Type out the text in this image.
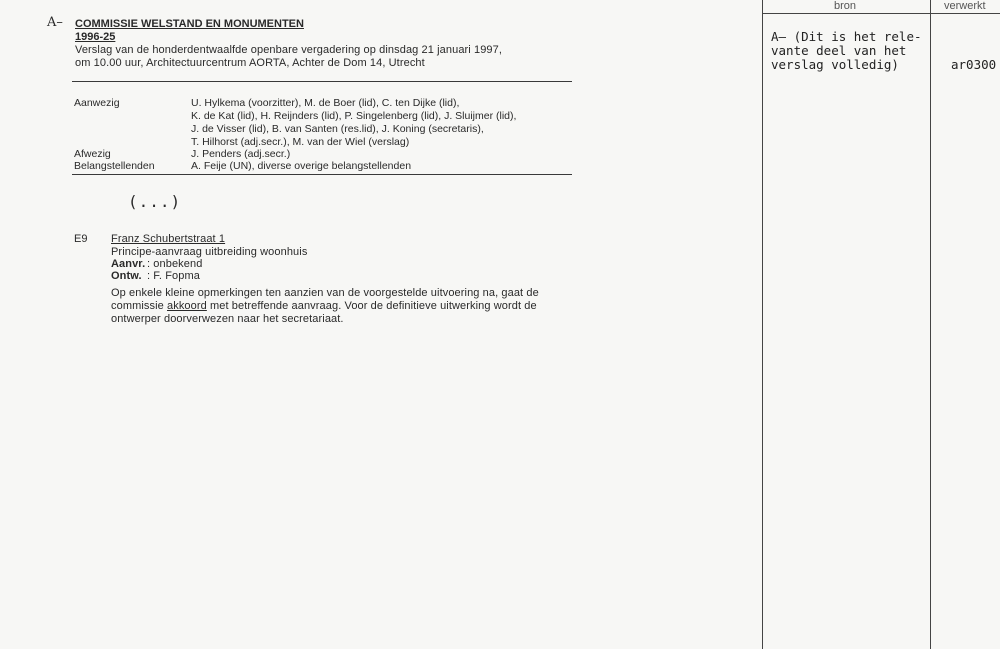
A– COMMISSIE WELSTAND EN MONUMENTEN
1996-25
Verslag van de honderdentwaalfde openbare vergadering op dinsdag 21 januari 1997,
om 10.00 uur, Architectuurcentrum AORTA, Achter de Dom 14, Utrecht
Aanwezig	U. Hylkema (voorzitter), M. de Boer (lid), C. ten Dijke (lid),
K. de Kat (lid), H. Reijnders (lid), P. Singelenberg (lid), J. Sluijmer (lid),
J. de Visser (lid), B. van Santen (res.lid), J. Koning (secretaris),
T. Hilhorst (adj.secr.), M. van der Wiel (verslag)
Afwezig	J. Penders (adj.secr.)
Belangstellenden	A. Feije (UN), diverse overige belangstellenden
(...)
E9 Franz Schubertstraat 1
Principe-aanvraag uitbreiding woonhuis
Aanvr. : onbekend
Ontw. : F. Fopma
Op enkele kleine opmerkingen ten aanzien van de voorgestelde uitvoering na, gaat de
commissie akkoord met betreffende aanvraag. Voor de definitieve uitwerking wordt de
ontwerper doorverwezen naar het secretariaat.
bron	verwerkt
A– (Dit is het rele-
vante deel van het
verslag volledig)	ar0300
